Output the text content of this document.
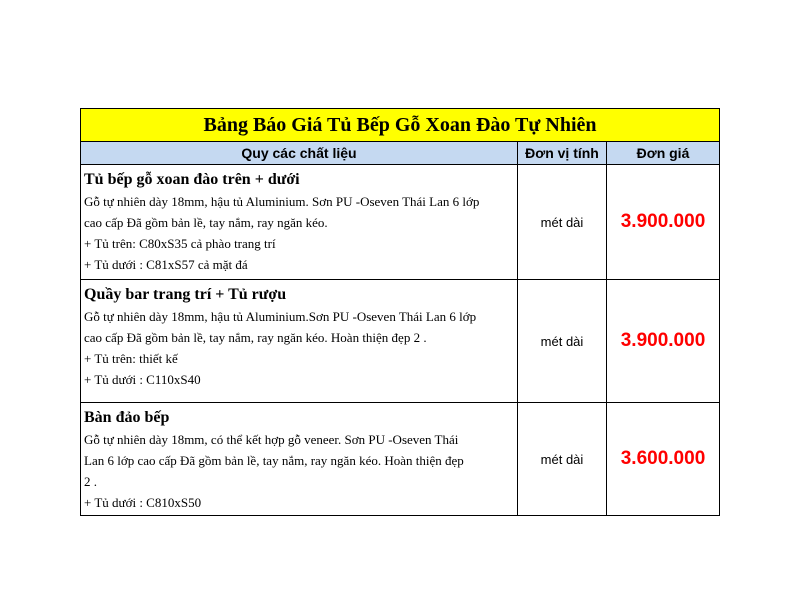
Bảng Báo Giá Tủ Bếp Gỗ Xoan Đào Tự Nhiên		
Quy các chất liệu	Đơn vị tính	Đơn giá

Tủ bếp gỗ xoan đào trên + dưới
Gỗ tự nhiên dày 18mm, hậu tủ Aluminium. Sơn PU -Oseven Thái Lan 6 lớp
cao cấp Đã gồm bản lề, tay nắm, ray ngăn kéo.
+ Tủ trên: C80xS35 cả phào trang trí
+ Tủ dưới : C81xS57 cả mặt đá	mét dài	3.900.000

Quầy bar trang trí + Tủ rượu
Gỗ tự nhiên dày 18mm, hậu tủ Aluminium.Sơn PU -Oseven Thái Lan 6 lớp
cao cấp Đã gồm bản lề, tay nắm, ray ngăn kéo. Hoàn thiện đẹp 2 .
+ Tủ trên: thiết kế
+ Tủ dưới : C110xS40	mét dài	3.900.000

Bàn đảo bếp
Gỗ tự nhiên dày 18mm, có thể kết hợp gỗ veneer. Sơn PU -Oseven Thái
Lan 6 lớp cao cấp Đã gồm bản lề, tay nắm, ray ngăn kéo. Hoàn thiện đẹp
2 .
+ Tủ dưới : C810xS50	mét dài	3.600.000
